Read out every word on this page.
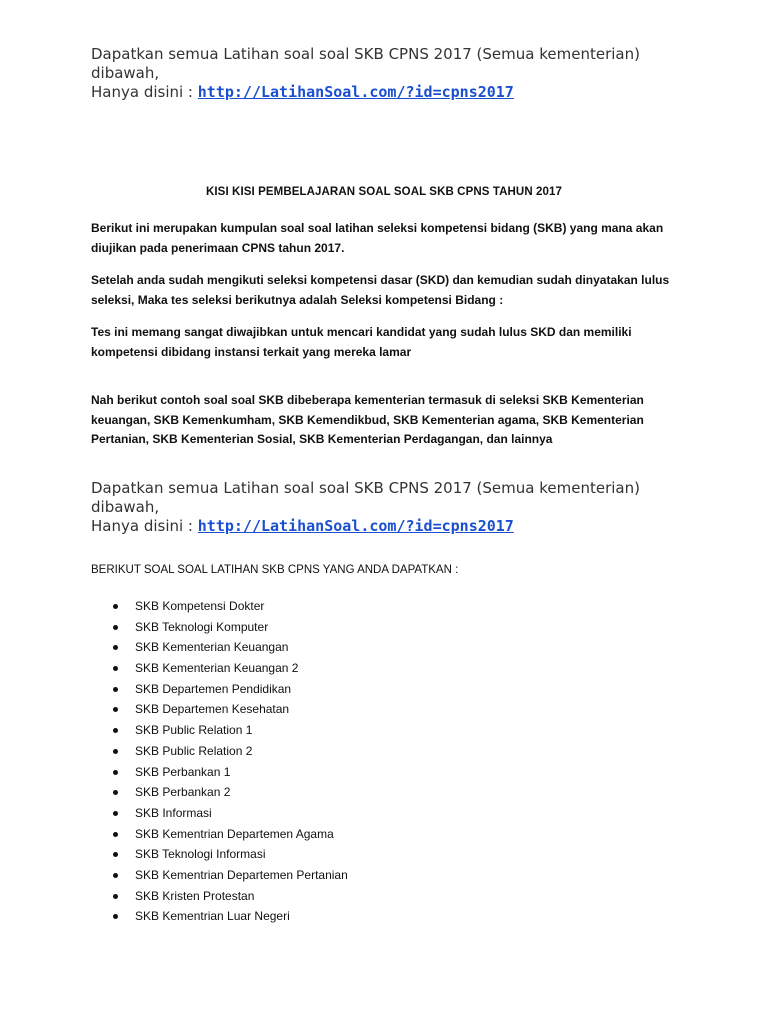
Dapatkan semua Latihan soal soal SKB CPNS 2017 (Semua kementerian) dibawah,
Hanya disini : http://LatihanSoal.com/?id=cpns2017
KISI KISI PEMBELAJARAN SOAL SOAL SKB CPNS TAHUN 2017
Berikut ini merupakan kumpulan soal soal latihan seleksi kompetensi bidang (SKB) yang mana akan diujikan pada penerimaan CPNS tahun 2017.
Setelah anda sudah mengikuti seleksi kompetensi dasar (SKD) dan kemudian sudah dinyatakan lulus seleksi, Maka tes seleksi berikutnya adalah Seleksi kompetensi Bidang :
Tes ini memang sangat diwajibkan untuk mencari kandidat yang sudah lulus SKD dan memiliki kompetensi dibidang instansi terkait yang mereka lamar
Nah berikut contoh soal soal SKB dibeberapa kementerian termasuk di seleksi SKB Kementerian keuangan, SKB Kemenkumham, SKB Kemendikbud, SKB Kementerian agama, SKB Kementerian Pertanian, SKB Kementerian Sosial, SKB Kementerian Perdagangan, dan lainnya
Dapatkan semua Latihan soal soal SKB CPNS 2017 (Semua kementerian) dibawah,
Hanya disini : http://LatihanSoal.com/?id=cpns2017
BERIKUT SOAL SOAL LATIHAN SKB CPNS YANG ANDA DAPATKAN :
SKB Kompetensi Dokter
SKB Teknologi Komputer
SKB Kementerian Keuangan
SKB Kementerian Keuangan 2
SKB Departemen Pendidikan
SKB Departemen Kesehatan
SKB Public Relation 1
SKB Public Relation 2
SKB Perbankan 1
SKB Perbankan 2
SKB Informasi
SKB Kementrian Departemen Agama
SKB Teknologi Informasi
SKB Kementrian Departemen Pertanian
SKB Kristen Protestan
SKB Kementrian Luar Negeri
